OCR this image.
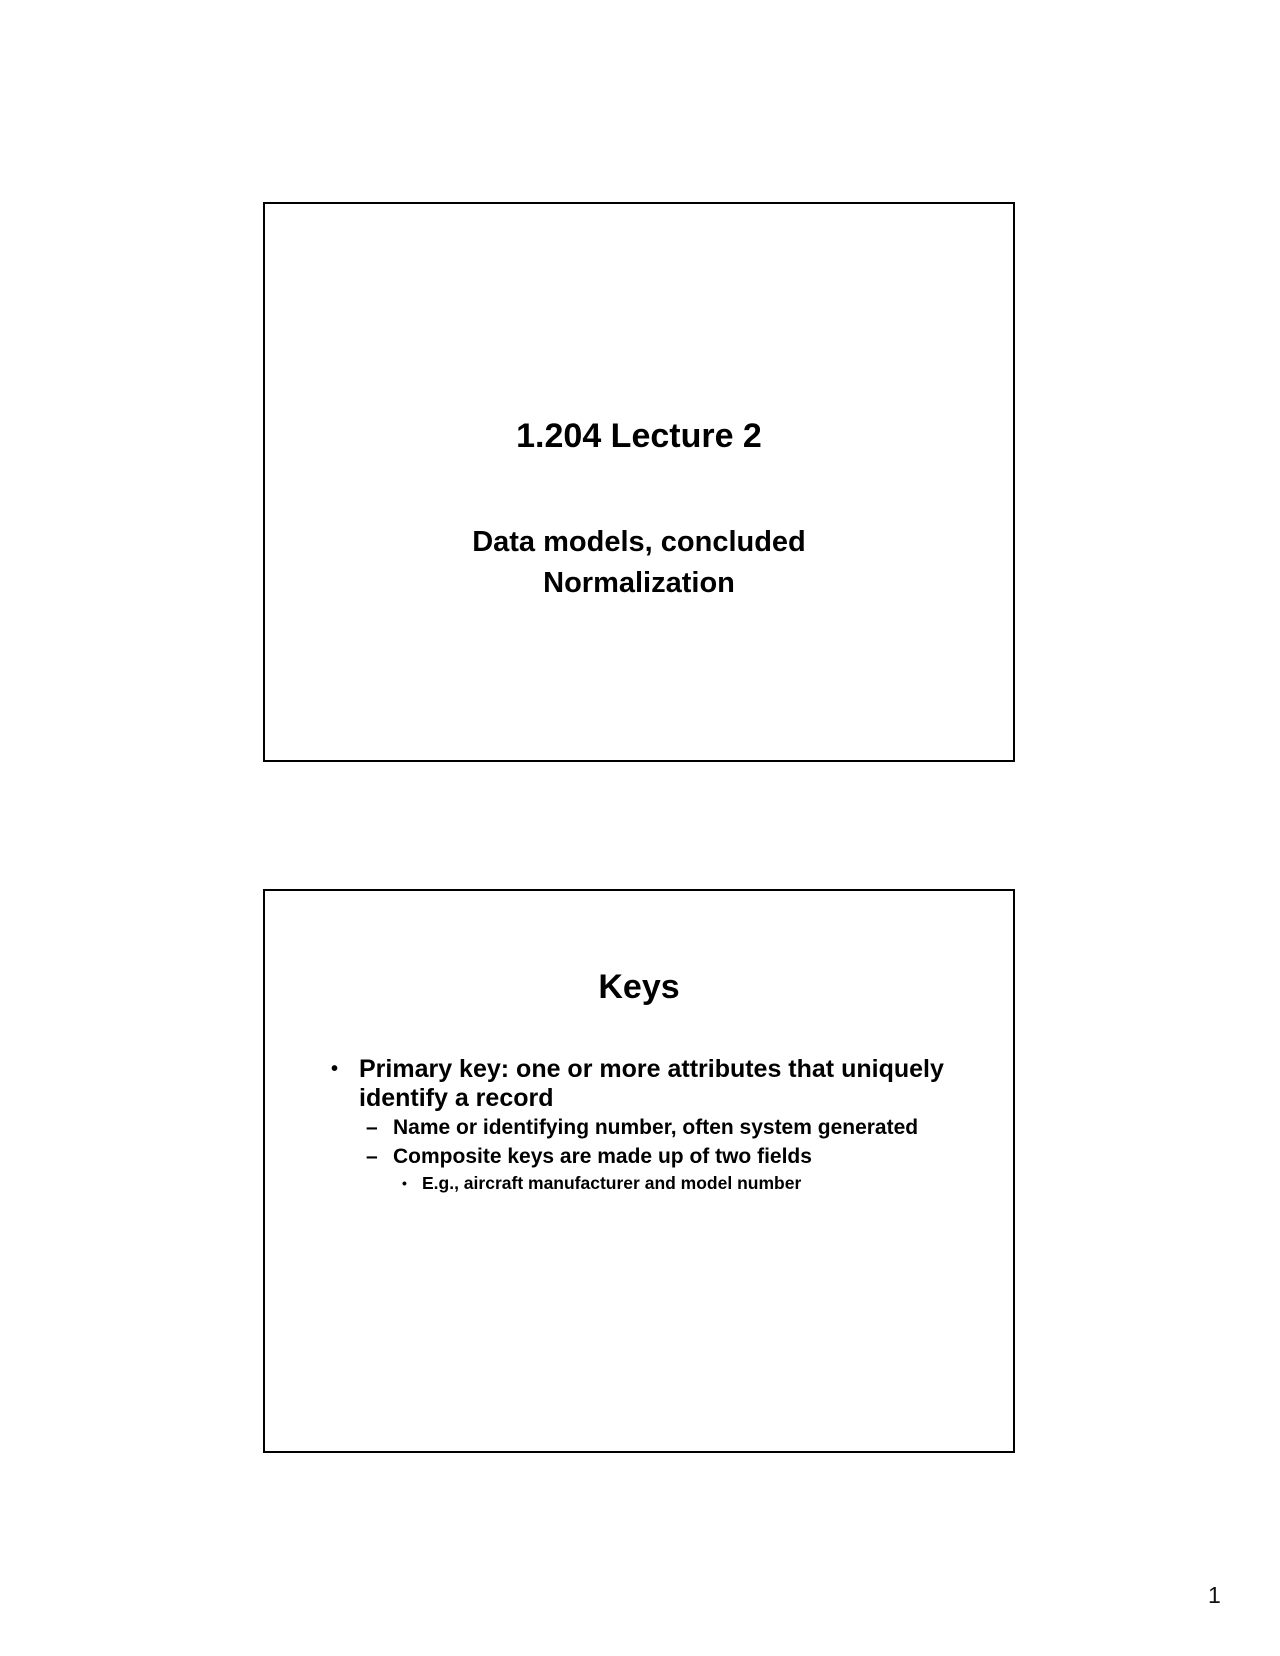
1.204 Lecture 2
Data models, concluded
Normalization
Keys
• Primary key: one or more attributes that uniquely identify a record
– Name or identifying number, often system generated
– Composite keys are made up of two fields
• E.g., aircraft manufacturer and model number
1
